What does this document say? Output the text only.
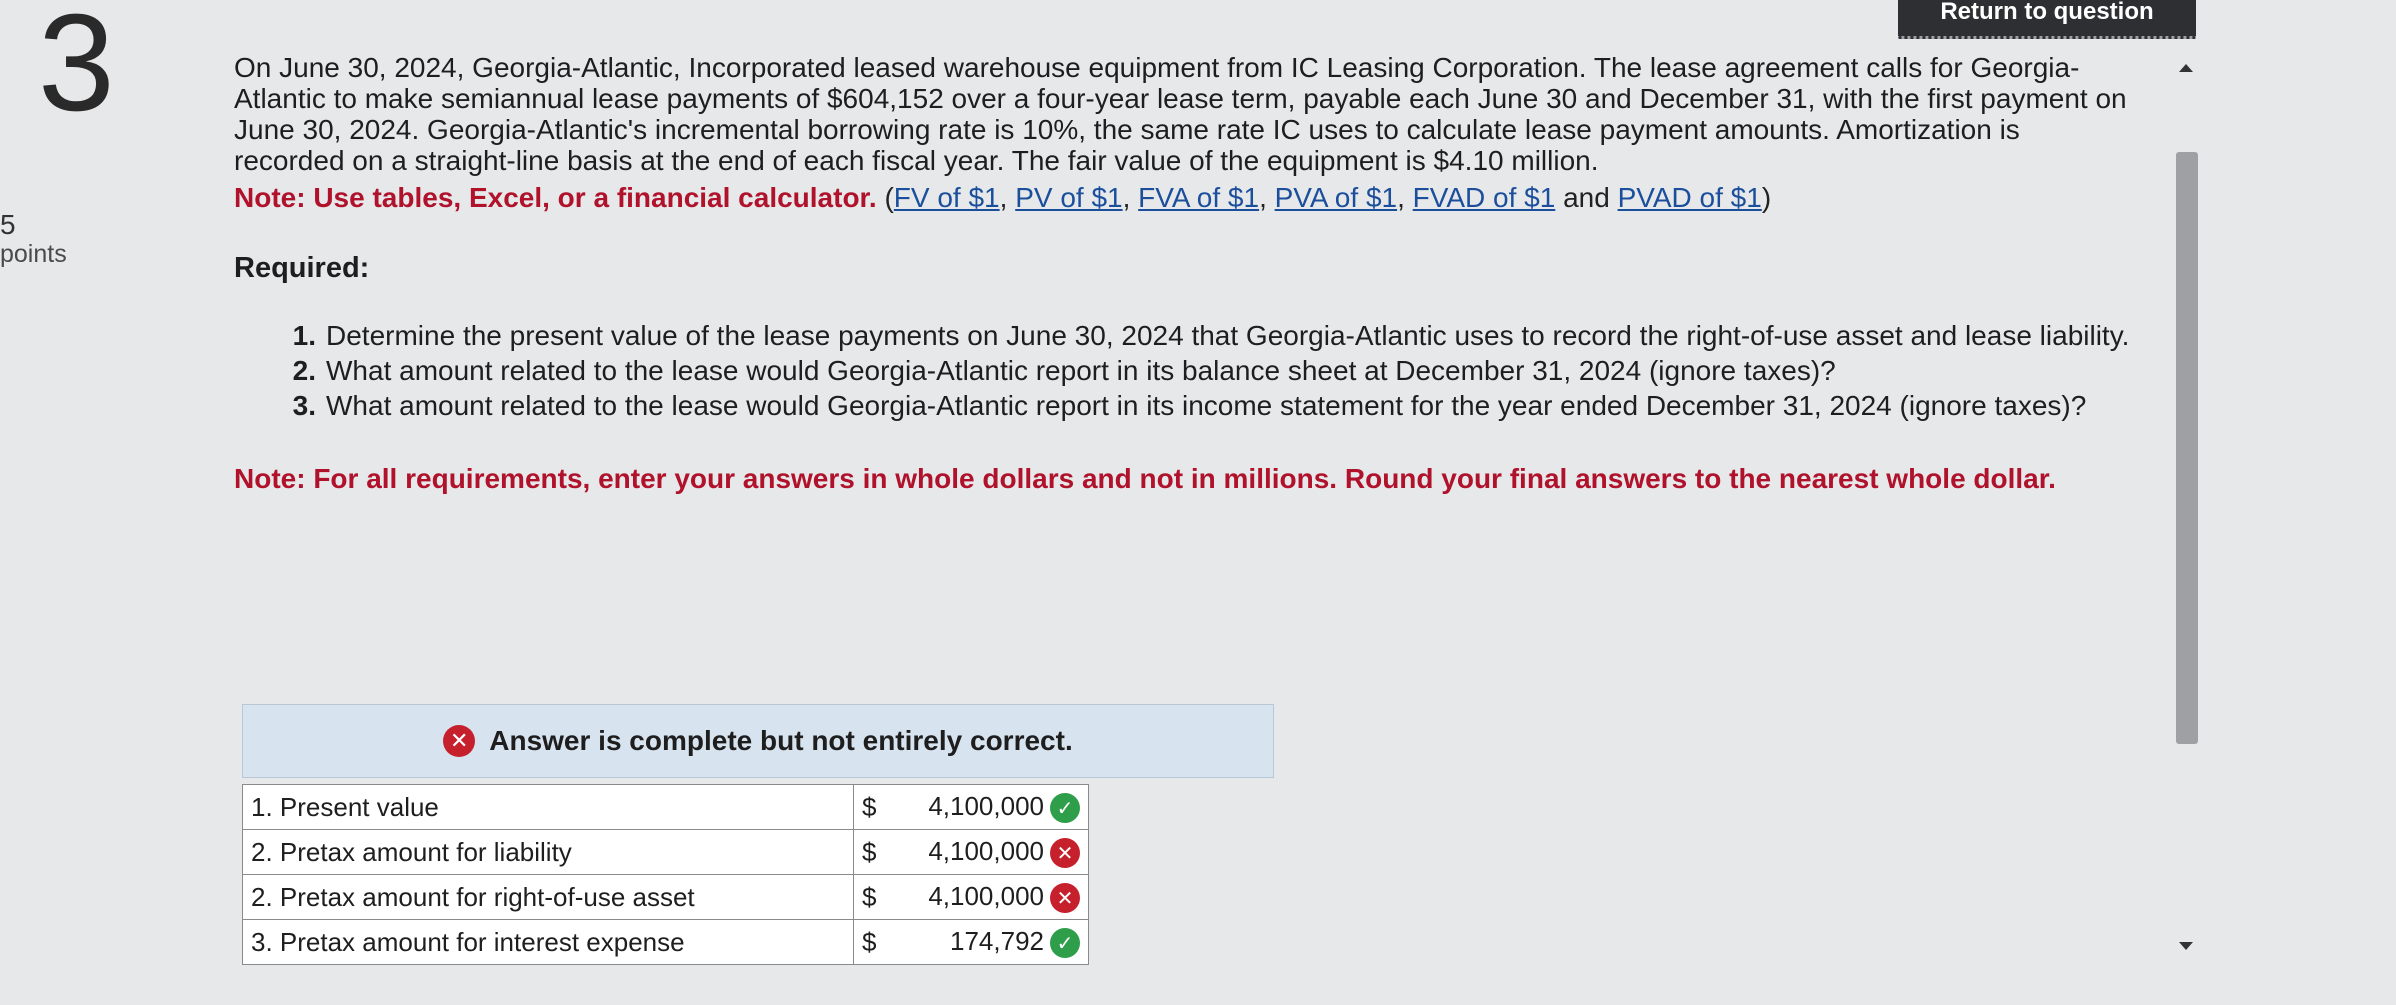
3
5
points
Return to question

On June 30, 2024, Georgia-Atlantic, Incorporated leased warehouse equipment from IC Leasing Corporation. The lease agreement calls for Georgia-Atlantic to make semiannual lease payments of $604,152 over a four-year lease term, payable each June 30 and December 31, with the first payment on June 30, 2024. Georgia-Atlantic's incremental borrowing rate is 10%, the same rate IC uses to calculate lease payment amounts. Amortization is recorded on a straight-line basis at the end of each fiscal year. The fair value of the equipment is $4.10 million.

Note: Use tables, Excel, or a financial calculator. (FV of $1, PV of $1, FVA of $1, PVA of $1, FVAD of $1 and PVAD of $1)
Required:
1. Determine the present value of the lease payments on June 30, 2024 that Georgia-Atlantic uses to record the right-of-use asset and lease liability.
2. What amount related to the lease would Georgia-Atlantic report in its balance sheet at December 31, 2024 (ignore taxes)?
3. What amount related to the lease would Georgia-Atlantic report in its income statement for the year ended December 31, 2024 (ignore taxes)?
Note: For all requirements, enter your answers in whole dollars and not in millions. Round your final answers to the nearest whole dollar.
✕ Answer is complete but not entirely correct.
1. Present value	$	4,100,000 ✓
2. Pretax amount for liability	$	4,100,000 ✕
2. Pretax amount for right-of-use asset	$	4,100,000 ✕
3. Pretax amount for interest expense	$	174,792 ✓
